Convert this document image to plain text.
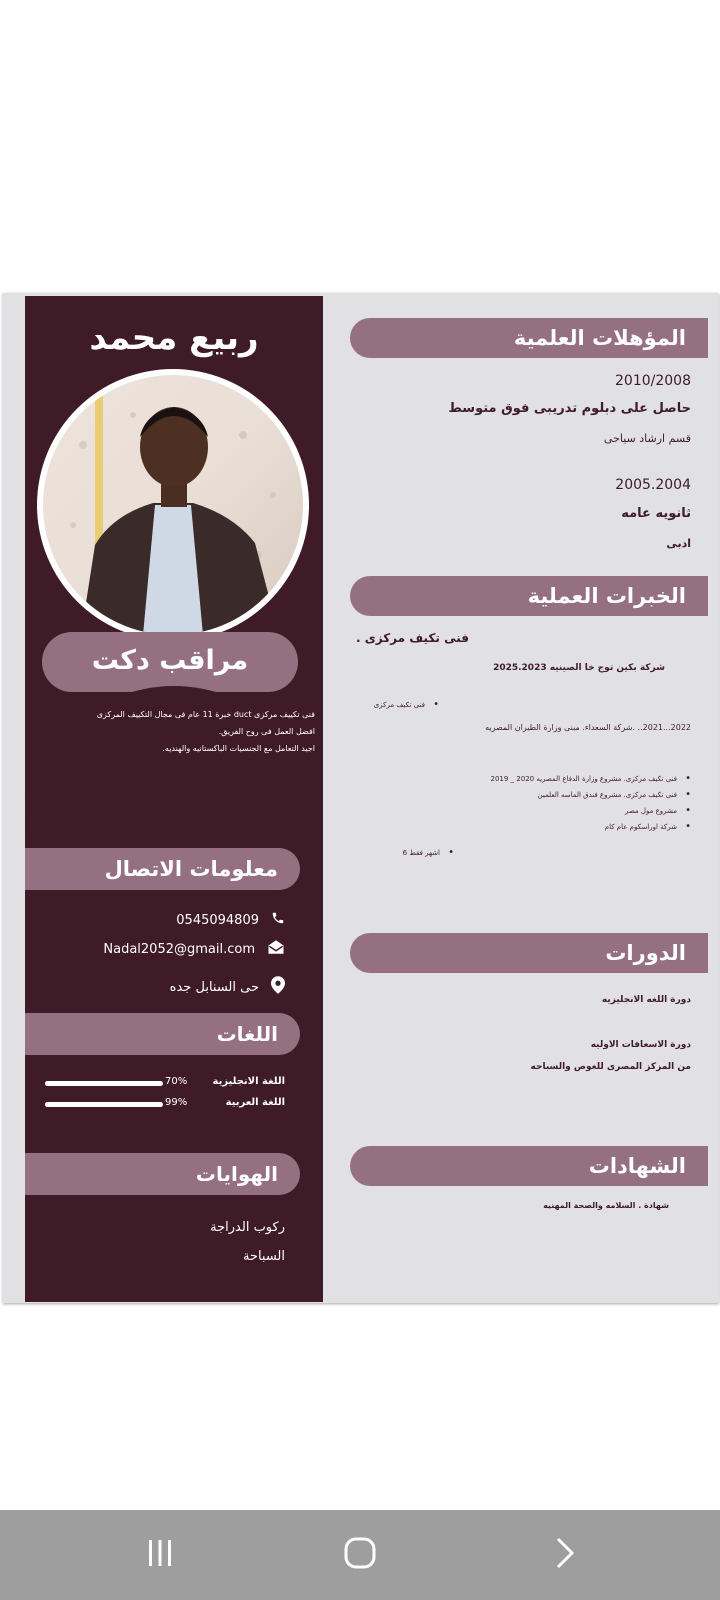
ربيع محمد
مراقب دكت
فنى تكييف مركزى duct خبرة 11 عام فى مجال التكييف المركزى
افضل العمل فى روح الفريق.
اجيد التعامل مع الجنسيات الباكستانيه والهنديه.
معلومات الاتصال
0545094809
Nadal2052@gmail.com
حى السنابل جده
اللغات
70%	اللغة الانجليزية
99%	اللغة العربية
الهوايات
ركوب الدراجة
السباحة
المؤهلات العلمية
2010/2008
حاصل على دبلوم تدريبى فوق متوسط
قسم ارشاد سياحى
2005.2004
ثانويه عامه
ادبى
الخبرات العملية
فنى تكيف مركزى .
شركة بكين توج خا الصينيه 2025.2023
•
فنى تكيف مركزى
2022...2021.. .شركة السعداء. مبنى وزارة الطيران المصريه
• فنى تكيف مركزى. مشروع وزارة الدفاع المصريه 2020 _ 2019
• فنى تكيف مركزى. مشروع فندق الماسه العلمين
• مشروع مول مصر
• شركة اوراسكوم عام كام
•
اشهر فقط 6
الدورات
دورة اللغه الانجليزيه
دورة الاسعافات الاوليه
من المزكز المصرى للغوص والسباحه
الشهادات
شهادة . السلامه والصحة المهنيه
